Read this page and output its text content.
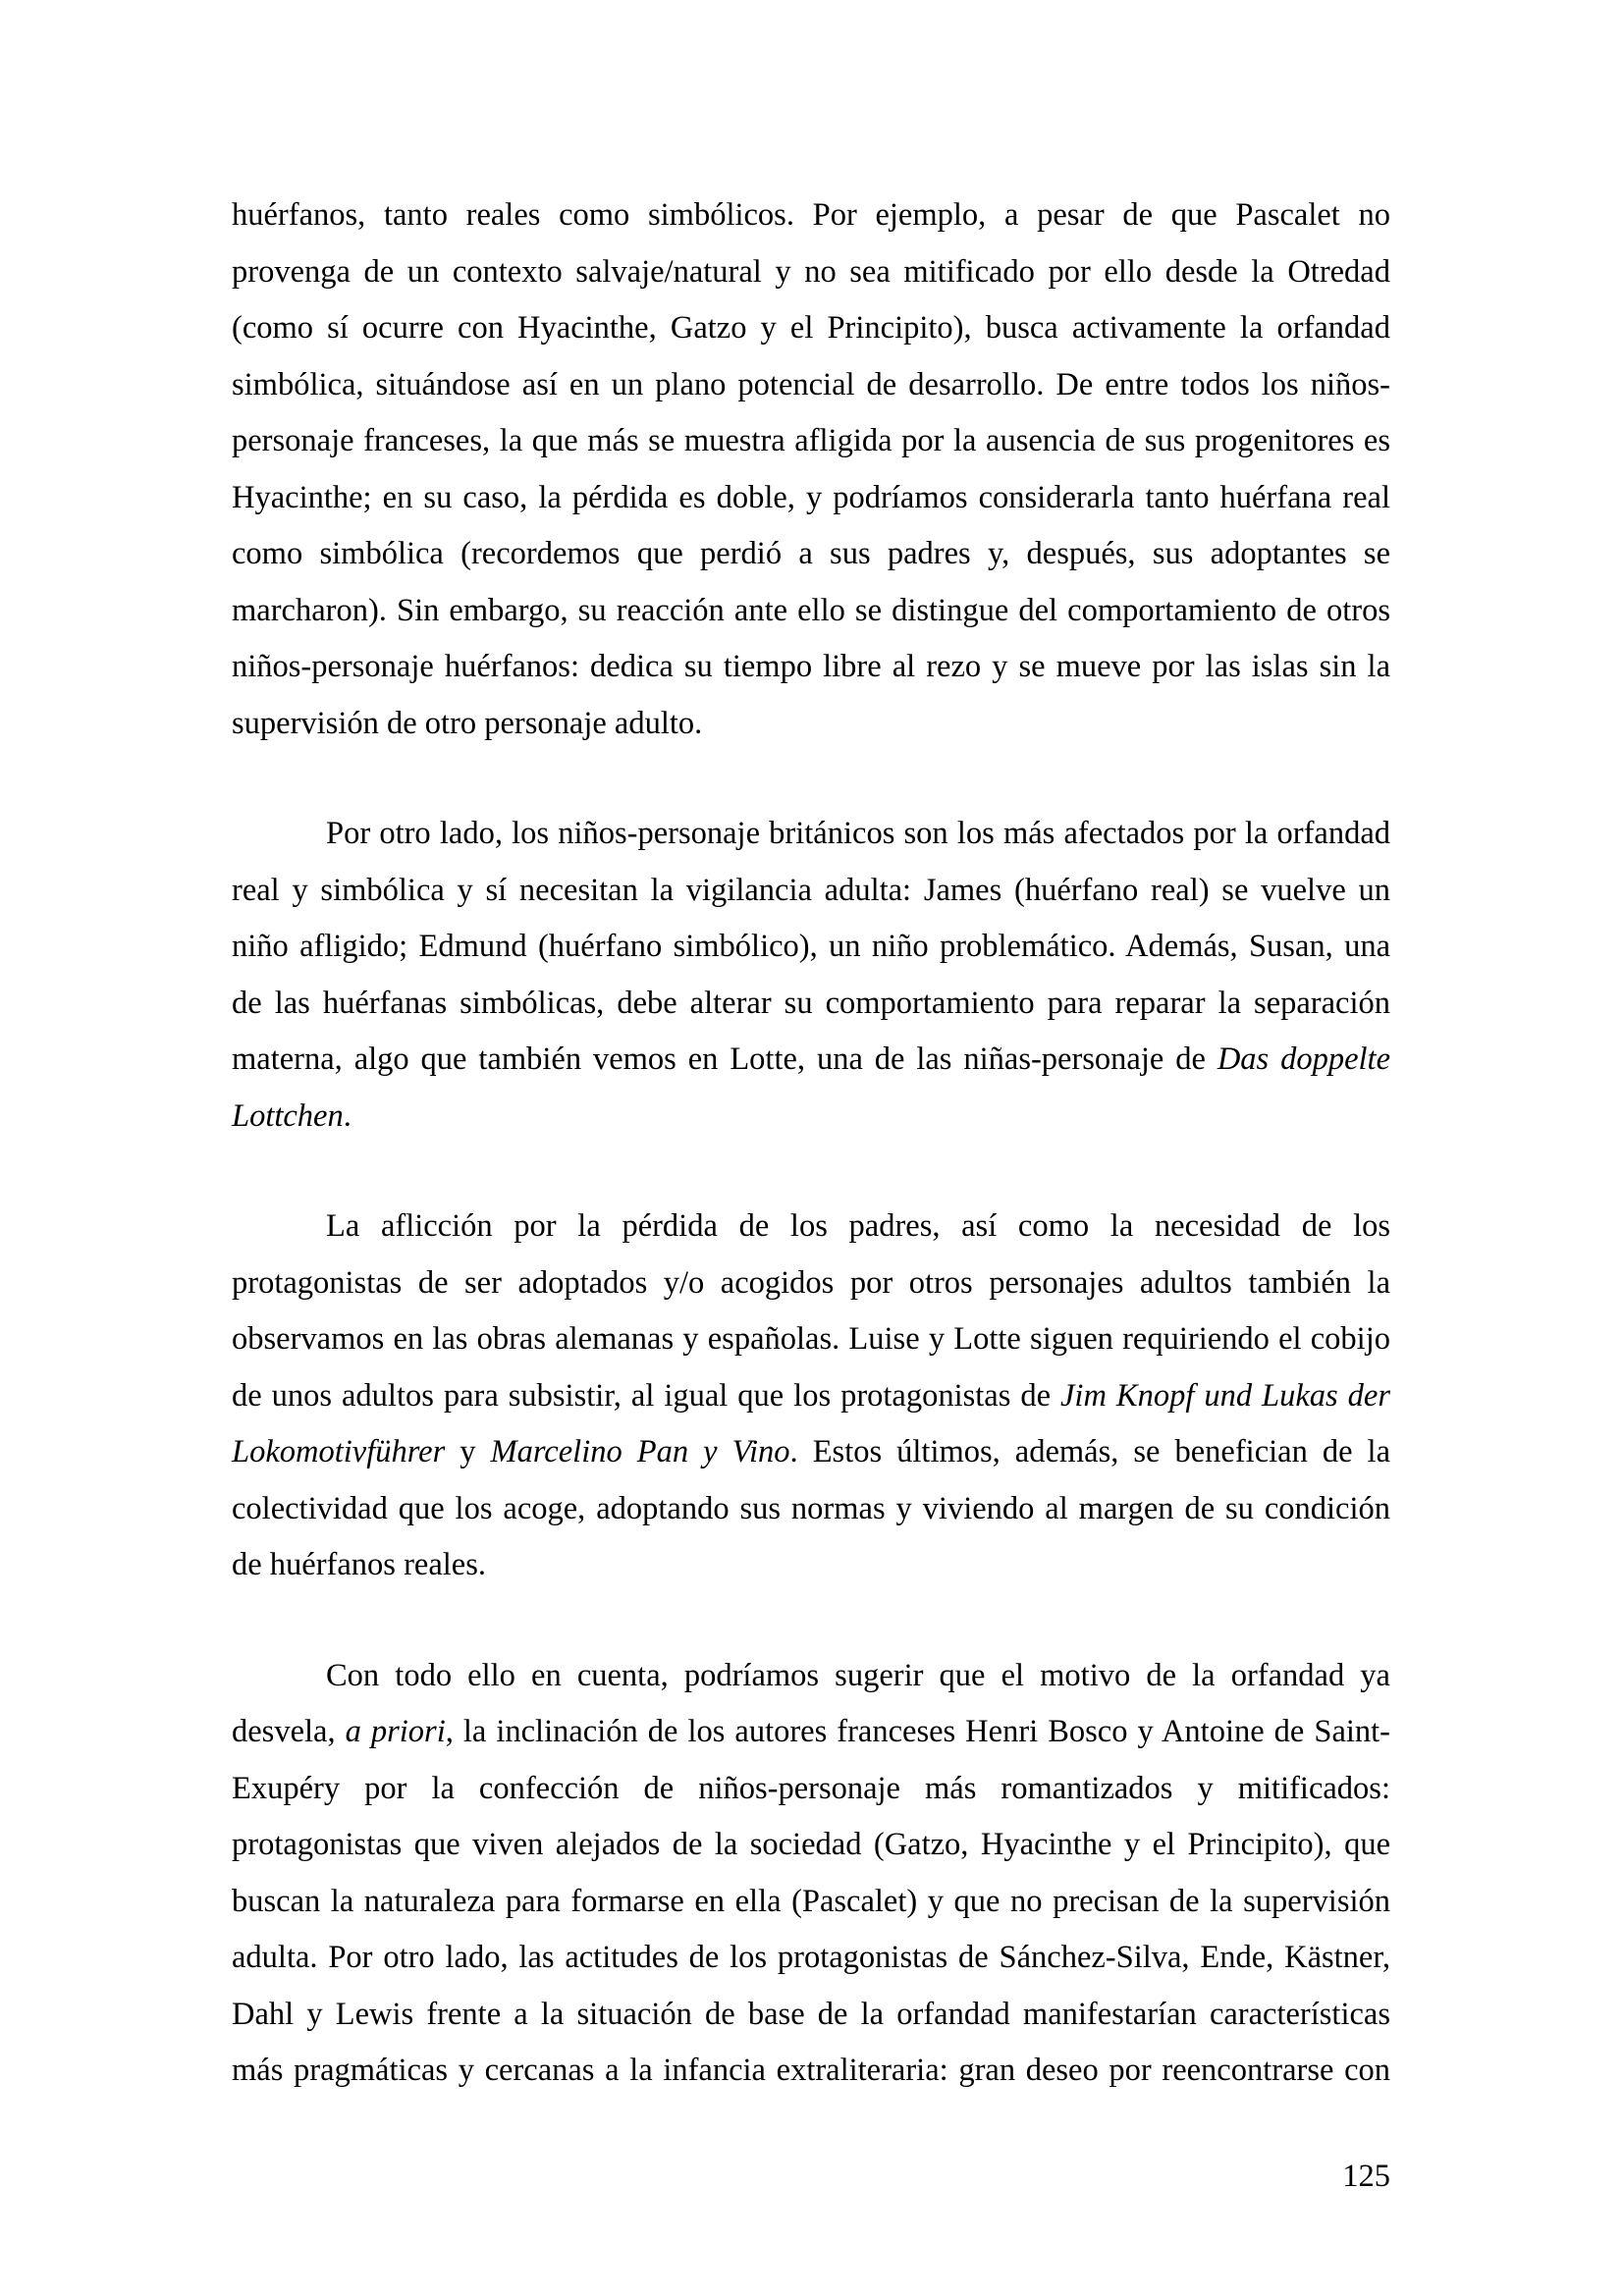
huérfanos, tanto reales como simbólicos. Por ejemplo, a pesar de que Pascalet no
provenga de un contexto salvaje/natural y no sea mitificado por ello desde la Otredad
(como sí ocurre con Hyacinthe, Gatzo y el Principito), busca activamente la orfandad
simbólica, situándose así en un plano potencial de desarrollo. De entre todos los niños-
personaje franceses, la que más se muestra afligida por la ausencia de sus progenitores es
Hyacinthe; en su caso, la pérdida es doble, y podríamos considerarla tanto huérfana real
como simbólica (recordemos que perdió a sus padres y, después, sus adoptantes se
marcharon). Sin embargo, su reacción ante ello se distingue del comportamiento de otros
niños-personaje huérfanos: dedica su tiempo libre al rezo y se mueve por las islas sin la
supervisión de otro personaje adulto.
Por otro lado, los niños-personaje británicos son los más afectados por la orfandad
real y simbólica y sí necesitan la vigilancia adulta: James (huérfano real) se vuelve un
niño afligido; Edmund (huérfano simbólico), un niño problemático. Además, Susan, una
de las huérfanas simbólicas, debe alterar su comportamiento para reparar la separación
materna, algo que también vemos en Lotte, una de las niñas-personaje de Das doppelte
Lottchen.
La aflicción por la pérdida de los padres, así como la necesidad de los
protagonistas de ser adoptados y/o acogidos por otros personajes adultos también la
observamos en las obras alemanas y españolas. Luise y Lotte siguen requiriendo el cobijo
de unos adultos para subsistir, al igual que los protagonistas de Jim Knopf und Lukas der
Lokomotivführer y Marcelino Pan y Vino. Estos últimos, además, se benefician de la
colectividad que los acoge, adoptando sus normas y viviendo al margen de su condición
de huérfanos reales.
Con todo ello en cuenta, podríamos sugerir que el motivo de la orfandad ya
desvela, a priori, la inclinación de los autores franceses Henri Bosco y Antoine de Saint-
Exupéry por la confección de niños-personaje más romantizados y mitificados:
protagonistas que viven alejados de la sociedad (Gatzo, Hyacinthe y el Principito), que
buscan la naturaleza para formarse en ella (Pascalet) y que no precisan de la supervisión
adulta. Por otro lado, las actitudes de los protagonistas de Sánchez-Silva, Ende, Kästner,
Dahl y Lewis frente a la situación de base de la orfandad manifestarían características
más pragmáticas y cercanas a la infancia extraliteraria: gran deseo por reencontrarse con
125
